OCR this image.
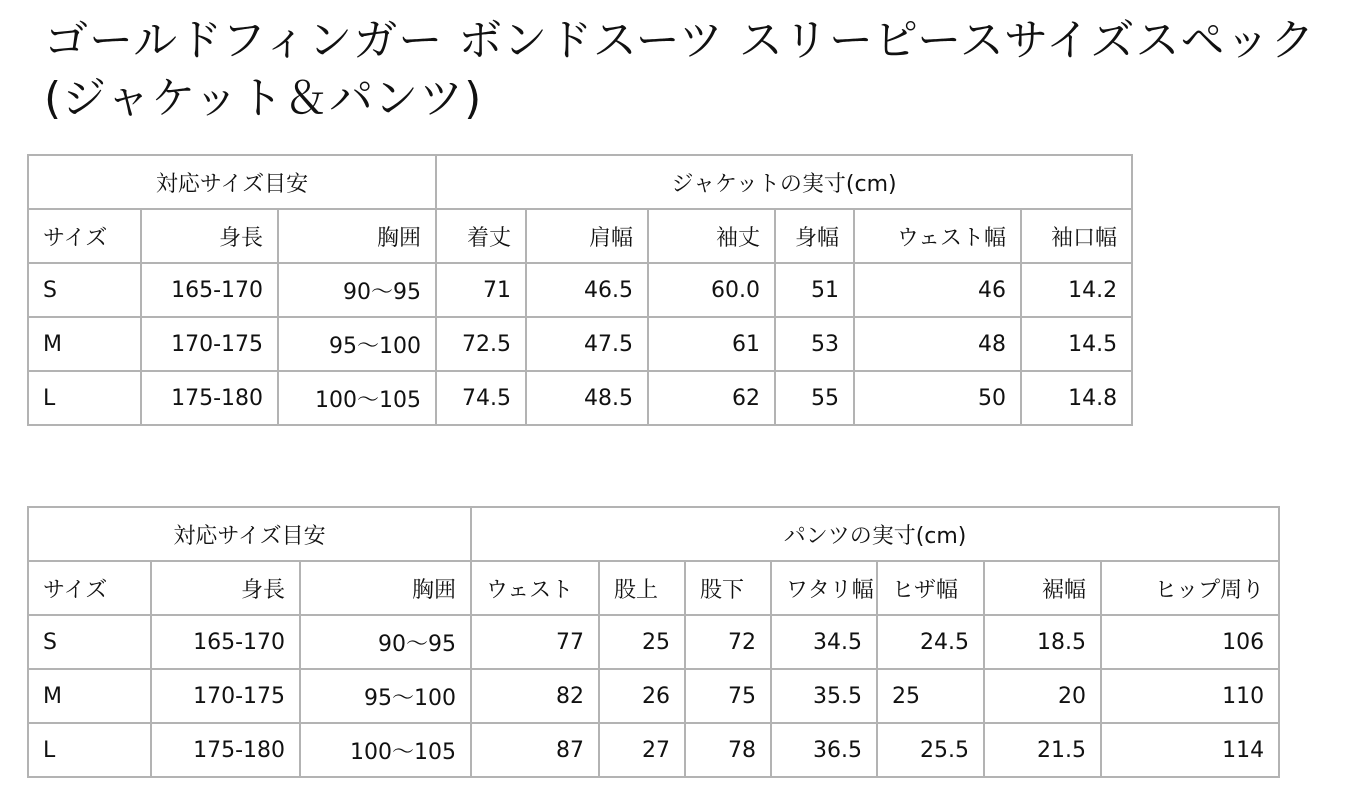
ゴールドフィンガー ボンドスーツ スリーピースサイズスペック (ジャケット＆パンツ)
対応サイズ目安			ジャケットの実寸(cm)					
サイズ	身長	胸囲	着丈	肩幅	袖丈	身幅	ウェスト幅	袖口幅
S	165-170	90〜95	71	46.5	60.0	51	46	14.2
M	170-175	95〜100	72.5	47.5	61	53	48	14.5
L	175-180	100〜105	74.5	48.5	62	55	50	14.8
対応サイズ目安			パンツの実寸(cm)						
サイズ	身長	胸囲	ウェスト	股上	股下	ワタリ幅	ヒザ幅	裾幅	ヒップ周り
S	165-170	90〜95	77	25	72	34.5	24.5	18.5	106
M	170-175	95〜100	82	26	75	35.5	25	20	110
L	175-180	100〜105	87	27	78	36.5	25.5	21.5	114
